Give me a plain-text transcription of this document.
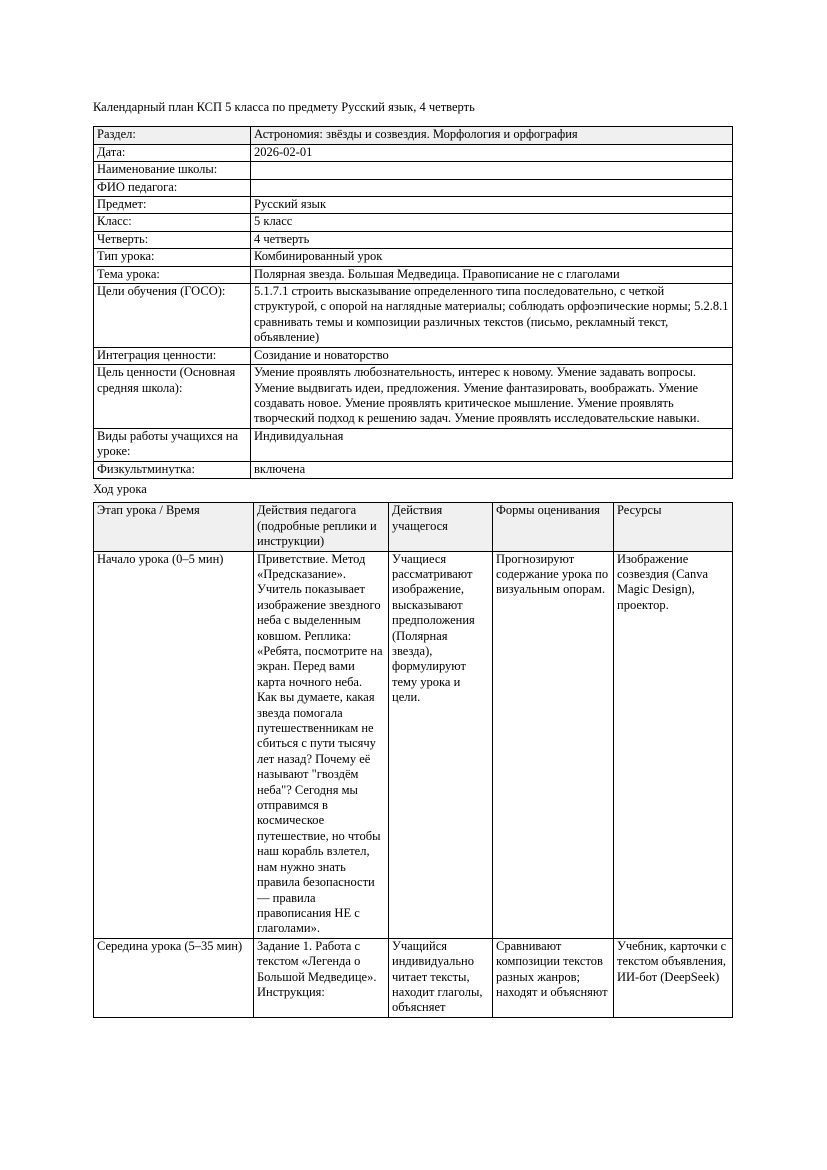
Календарный план КСП 5 класса по предмету Русский язык, 4 четверть
Раздел:	Астрономия: звёзды и созвездия. Морфология и орфография
Дата:	2026-02-01
Наименование школы:	
ФИО педагога:	
Предмет:	Русский язык
Класс:	5 класс
Четверть:	4 четверть
Тип урока:	Комбинированный урок
Тема урока:	Полярная звезда. Большая Медведица. Правописание не с глаголами
Цели обучения (ГОСО):	5.1.7.1 строить высказывание определенного типа последовательно, с четкой структурой, с опорой на наглядные материалы; соблюдать орфоэпические нормы; 5.2.8.1 сравнивать темы и композиции различных текстов (письмо, рекламный текст, объявление)
Интеграция ценности:	Созидание и новаторство
Цель ценности (Основная средняя школа):	Умение проявлять любознательность, интерес к новому. Умение задавать вопросы. Умение выдвигать идеи, предложения. Умение фантазировать, воображать. Умение создавать новое. Умение проявлять критическое мышление. Умение проявлять творческий подход к решению задач. Умение проявлять исследовательские навыки.
Виды работы учащихся на уроке:	Индивидуальная
Физкультминутка:	включена
Ход урока
Этап урока / Время	Действия педагога (подробные реплики и инструкции)	Действия учащегося	Формы оценивания	Ресурсы
Начало урока (0–5 мин)	Приветствие. Метод «Предсказание». Учитель показывает изображение звездного неба с выделенным ковшом. Реплика: «Ребята, посмотрите на экран. Перед вами карта ночного неба. Как вы думаете, какая звезда помогала путешественникам не сбиться с пути тысячу лет назад? Почему её называют "гвоздём неба"? Сегодня мы отправимся в космическое путешествие, но чтобы наш корабль взлетел, нам нужно знать правила безопасности — правила правописания НЕ с глаголами».	Учащиеся рассматривают изображение, высказывают предположения (Полярная звезда), формулируют тему урока и цели.	Прогнозируют содержание урока по визуальным опорам.	Изображение созвездия (Canva Magic Design), проектор.
Середина урока (5–35 мин)	Задание 1. Работа с текстом «Легенда о Большой Медведице». Инструкция:	Учащийся индивидуально читает тексты, находит глаголы, объясняет	Сравнивают композиции текстов разных жанров; находят и объясняют	Учебник, карточки с текстом объявления, ИИ-бот (DeepSeek)
